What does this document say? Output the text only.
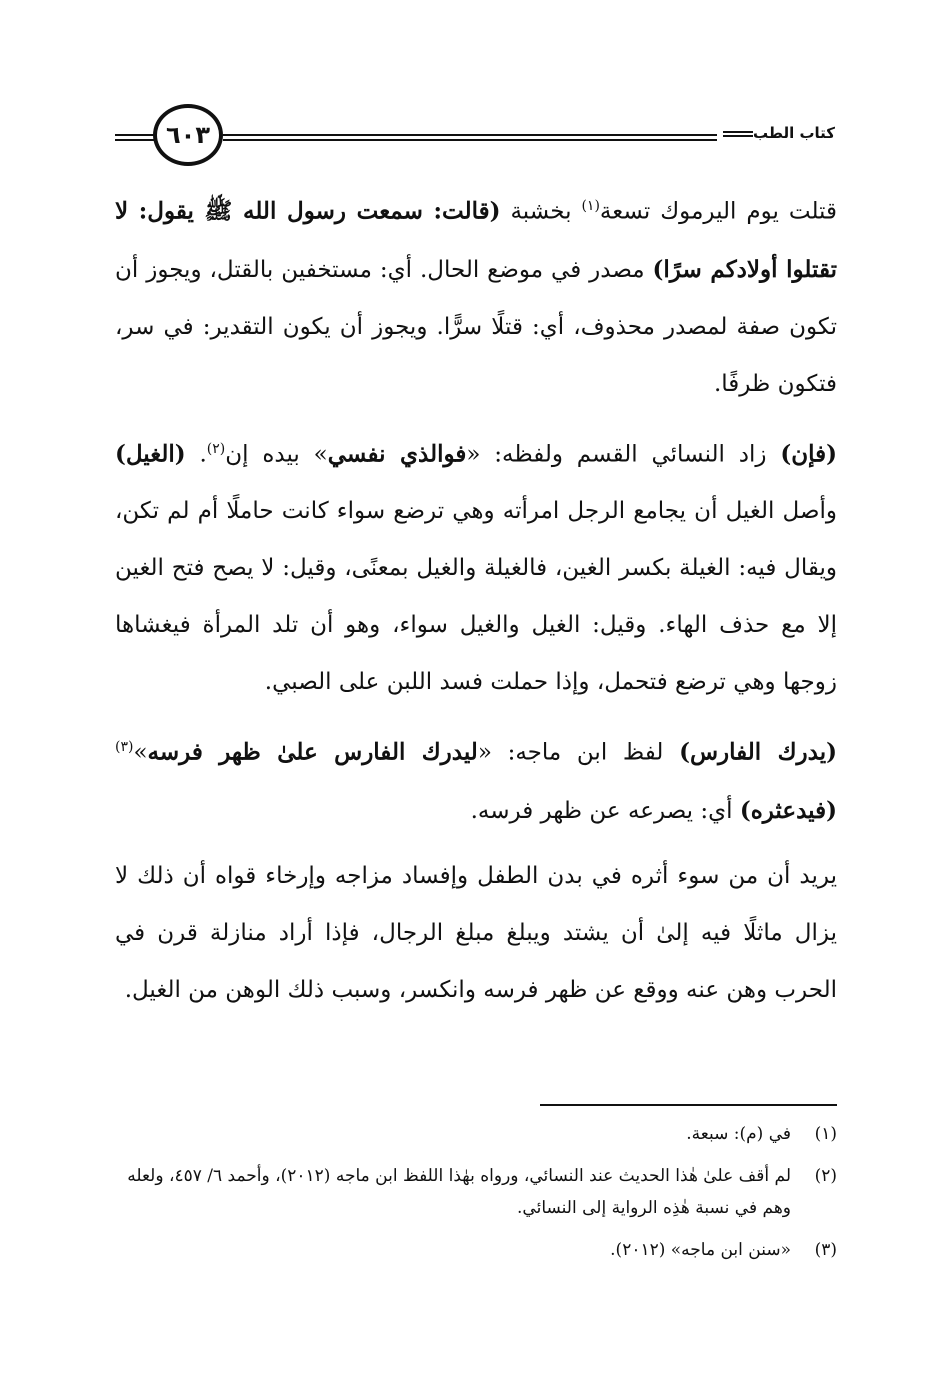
٦٠٣	كتاب الطب

قتلت يوم اليرموك تسعة$^{(١)}$ بخشبة (قالت: سمعت رسول الله ﷺ يقول: لا تقتلوا أولادكم سرًا) مصدر في موضع الحال. أي: مستخفين بالقتل، ويجوز أن تكون صفة لمصدر محذوف، أي: قتلًا سرًّا. ويجوز أن يكون التقدير: في سر، فتكون ظرفًا.

(فإن) زاد النسائي القسم ولفظه: «فوالذي نفسي» بيده إن$^{(٢)}$. (الغيل) وأصل الغيل أن يجامع الرجل امرأته وهي ترضع سواء كانت حاملًا أم لم تكن، ويقال فيه: الغيلة بكسر الغين، فالغيلة والغيل بمعنًى، وقيل: لا يصح فتح الغين إلا مع حذف الهاء. وقيل: الغيل والغيل سواء، وهو أن تلد المرأة فيغشاها زوجها وهي ترضع فتحمل، وإذا حملت فسد اللبن على الصبي.

(يدرك الفارس) لفظ ابن ماجه: «ليدرك الفارس علىٰ ظهر فرسه»$^{(٣)}$ (فيدعثره) أي: يصرعه عن ظهر فرسه.

يريد أن من سوء أثره في بدن الطفل وإفساد مزاجه وإرخاء قواه أن ذلك لا يزال ماثلًا فيه إلىٰ أن يشتد ويبلغ مبلغ الرجال، فإذا أراد منازلة قرن في الحرب وهن عنه ووقع عن ظهر فرسه وانكسر، وسبب ذلك الوهن من الغيل.

(١)
في (م): سبعة.
(٢)
لم أقف علىٰ هٰذا الحديث عند النسائي، ورواه بهٰذا اللفظ ابن ماجه (٢٠١٢)، وأحمد ٦/ ٤٥٧، ولعله وهم في نسبة هٰذِه الرواية إلى النسائي.
(٣)
«سنن ابن ماجه» (٢٠١٢).
